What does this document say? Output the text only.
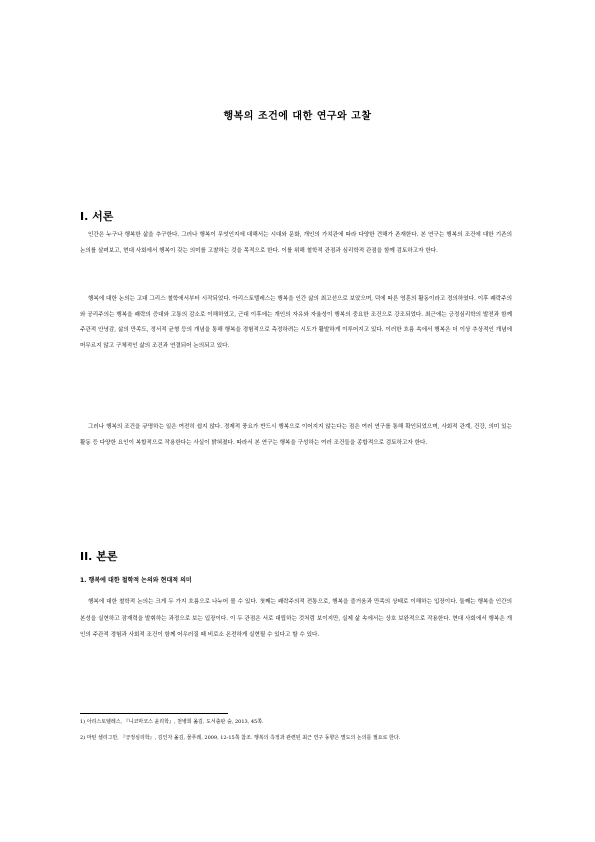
행복의 조건에 대한 연구와 고찰
I. 서론

인간은 누구나 행복한 삶을 추구한다. 그러나 행복이 무엇인지에 대해서는 시대와 문화, 개인의 가치관에 따라 다양한 견해가 존재한다. 본 연구는 행복의 조건에 대한 기존의 논의를 살펴보고, 현대 사회에서 행복이 갖는 의미를 고찰하는 것을 목적으로 한다. 이를 위해 철학적 관점과 심리학적 관점을 함께 검토하고자 한다.

행복에 대한 논의는 고대 그리스 철학에서부터 시작되었다. 아리스토텔레스는 행복을 인간 삶의 최고선으로 보았으며, 덕에 따른 영혼의 활동이라고 정의하였다. 이후 쾌락주의와 공리주의는 행복을 쾌락의 증대와 고통의 감소로 이해하였고, 근대 이후에는 개인의 자유와 자율성이 행복의 중요한 조건으로 강조되었다. 최근에는 긍정심리학의 발전과 함께 주관적 안녕감, 삶의 만족도, 정서적 균형 등의 개념을 통해 행복을 경험적으로 측정하려는 시도가 활발하게 이루어지고 있다. 이러한 흐름 속에서 행복은 더 이상 추상적인 개념에 머무르지 않고 구체적인 삶의 조건과 연결되어 논의되고 있다.

그러나 행복의 조건을 규명하는 일은 여전히 쉽지 않다. 경제적 풍요가 반드시 행복으로 이어지지 않는다는 점은 여러 연구를 통해 확인되었으며, 사회적 관계, 건강, 의미 있는 활동 등 다양한 요인이 복합적으로 작용한다는 사실이 밝혀졌다. 따라서 본 연구는 행복을 구성하는 여러 조건들을 종합적으로 검토하고자 한다.

II. 본론
1. 행복에 대한 철학적 논의와 현대적 의미

행복에 대한 철학적 논의는 크게 두 가지 흐름으로 나누어 볼 수 있다. 첫째는 쾌락주의적 전통으로, 행복을 즐거움과 만족의 상태로 이해하는 입장이다. 둘째는 행복을 인간의 본성을 실현하고 잠재력을 발휘하는 과정으로 보는 입장이다. 이 두 관점은 서로 대립하는 것처럼 보이지만, 실제 삶 속에서는 상호 보완적으로 작용한다. 현대 사회에서 행복은 개인의 주관적 경험과 사회적 조건이 함께 어우러질 때 비로소 온전하게 실현될 수 있다고 할 수 있다.

1) 아리스토텔레스, 『니코마코스 윤리학』, 천병희 옮김, 도서출판 숲, 2013, 45쪽.

2) 마틴 셀리그만, 『긍정심리학』, 김인자 옮김, 물푸레, 2009, 12-15쪽 참조. 행복의 측정과 관련된 최근 연구 동향은 별도의 논의를 필요로 한다.
